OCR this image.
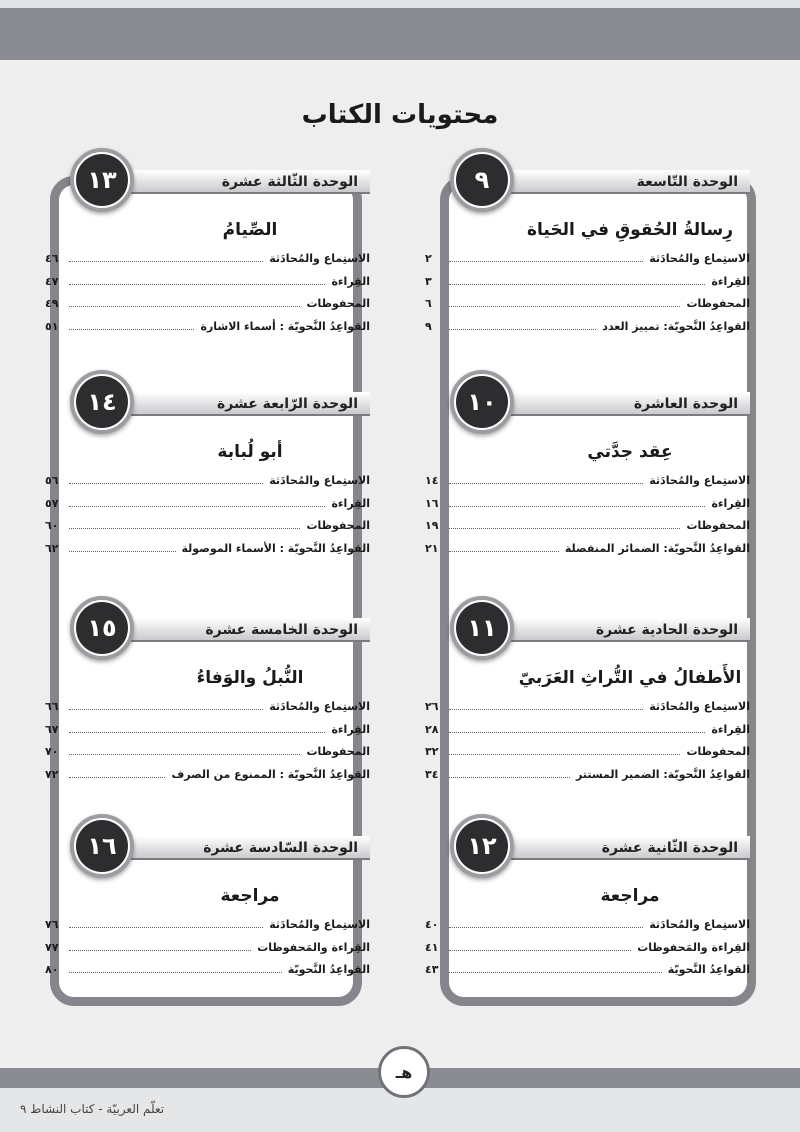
محتويات الكتاب
الوحدة التّاسعة
٩
رِسالةُ الحُقوقِ في الحَياة
الاستِماع والمُحادَثة
٢
القِراءة
٣
المحفوظات
٦
القواعِدُ النَّحويّة: تمييز العدد
٩
الوحدة العاشرة
١٠
عِقد جدَّتي
الاستِماع والمُحادَثة
١٤
القِراءة
١٦
المحفوظات
١٩
القواعِدُ النَّحويّة: الضمائر المنفصلة
٢١
الوحدة الحادية عشرة
١١
الأَطفالُ في التُّراثِ العَرَبيّ
الاستِماع والمُحادَثة
٢٦
القِراءة
٢٨
المحفوظات
٣٢
القواعِدُ النَّحويّة: الضمير المستتر
٣٤
الوحدة الثّانية عشرة
١٢
مراجعة
الاستِماع والمُحادَثة
٤٠
القِراءة والمَحفوظات
٤١
القواعِدُ النَّحويّة
٤٣
الوحدة الثّالثة عشرة
١٣
الصِّيامُ
الاستِماع والمُحادَثة
٤٦
القِراءة
٤٧
المحفوظات
٤٩
القواعِدُ النَّحويّة : أسماء الاشارة
٥١
الوحدة الرّابعة عشرة
١٤
أبو لُبابة
الاستِماع والمُحادَثة
٥٦
القِراءة
٥٧
المحفوظات
٦٠
القواعِدُ النَّحويّة : الأسماء الموصولة
٦٢
الوحدة الخامسة عشرة
١٥
النُّبلُ والوَفاءُ
الاستِماع والمُحادَثة
٦٦
القِراءة
٦٧
المحفوظات
٧٠
القواعِدُ النَّحويّة : الممنوع من الصرف
٧٢
الوحدة السّادسة عشرة
١٦
مراجعة
الاستِماع والمُحادَثة
٧٦
القِراءة والمَحفوظات
٧٧
القواعِدُ النَّحويّة
٨٠
هـ
تعلّم العربيّة - كتاب النشاط ٩
